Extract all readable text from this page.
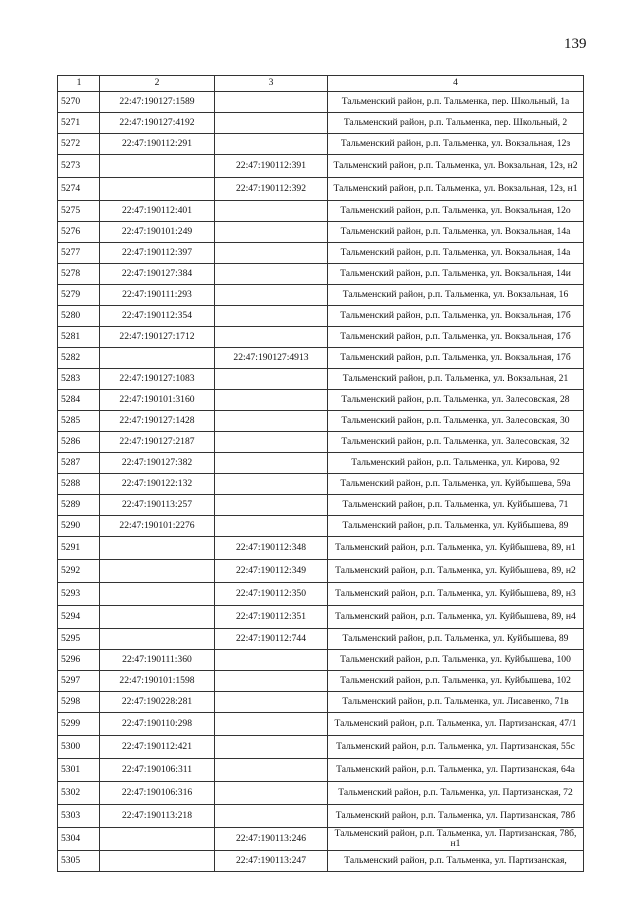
139
1	2	3	4
5270	22:47:190127:1589		Тальменский район, р.п. Тальменка, пер. Школьный, 1а
5271	22:47:190127:4192		Тальменский район, р.п. Тальменка, пер. Школьный, 2
5272	22:47:190112:291		Тальменский район, р.п. Тальменка, ул. Вокзальная, 12з
5273		22:47:190112:391	Тальменский район, р.п. Тальменка, ул. Вокзальная, 12з, н2
5274		22:47:190112:392	Тальменский район, р.п. Тальменка, ул. Вокзальная, 12з, н1
5275	22:47:190112:401		Тальменский район, р.п. Тальменка, ул. Вокзальная, 12о
5276	22:47:190101:249		Тальменский район, р.п. Тальменка, ул. Вокзальная, 14а
5277	22:47:190112:397		Тальменский район, р.п. Тальменка, ул. Вокзальная, 14а
5278	22:47:190127:384		Тальменский район, р.п. Тальменка, ул. Вокзальная, 14и
5279	22:47:190111:293		Тальменский район, р.п. Тальменка, ул. Вокзальная, 16
5280	22:47:190112:354		Тальменский район, р.п. Тальменка, ул. Вокзальная, 17б
5281	22:47:190127:1712		Тальменский район, р.п. Тальменка, ул. Вокзальная, 17б
5282		22:47:190127:4913	Тальменский район, р.п. Тальменка, ул. Вокзальная, 17б
5283	22:47:190127:1083		Тальменский район, р.п. Тальменка, ул. Вокзальная, 21
5284	22:47:190101:3160		Тальменский район, р.п. Тальменка, ул. Залесовская, 28
5285	22:47:190127:1428		Тальменский район, р.п. Тальменка, ул. Залесовская, 30
5286	22:47:190127:2187		Тальменский район, р.п. Тальменка, ул. Залесовская, 32
5287	22:47:190127:382		Тальменский район, р.п. Тальменка, ул. Кирова, 92
5288	22:47:190122:132		Тальменский район, р.п. Тальменка, ул. Куйбышева, 59а
5289	22:47:190113:257		Тальменский район, р.п. Тальменка, ул. Куйбышева, 71
5290	22:47:190101:2276		Тальменский район, р.п. Тальменка, ул. Куйбышева, 89
5291		22:47:190112:348	Тальменский район, р.п. Тальменка, ул. Куйбышева, 89, н1
5292		22:47:190112:349	Тальменский район, р.п. Тальменка, ул. Куйбышева, 89, н2
5293		22:47:190112:350	Тальменский район, р.п. Тальменка, ул. Куйбышева, 89, н3
5294		22:47:190112:351	Тальменский район, р.п. Тальменка, ул. Куйбышева, 89, н4
5295		22:47:190112:744	Тальменский район, р.п. Тальменка, ул. Куйбышева, 89
5296	22:47:190111:360		Тальменский район, р.п. Тальменка, ул. Куйбышева, 100
5297	22:47:190101:1598		Тальменский район, р.п. Тальменка, ул. Куйбышева, 102
5298	22:47:190228:281		Тальменский район, р.п. Тальменка, ул. Лисавенко, 71в
5299	22:47:190110:298		Тальменский район, р.п. Тальменка, ул. Партизанская, 47/1
5300	22:47:190112:421		Тальменский район, р.п. Тальменка, ул. Партизанская, 55с
5301	22:47:190106:311		Тальменский район, р.п. Тальменка, ул. Партизанская, 64а
5302	22:47:190106:316		Тальменский район, р.п. Тальменка, ул. Партизанская, 72
5303	22:47:190113:218		Тальменский район, р.п. Тальменка, ул. Партизанская, 78б
5304		22:47:190113:246	Тальменский район, р.п. Тальменка, ул. Партизанская, 78б, н1
5305		22:47:190113:247	Тальменский район, р.п. Тальменка, ул. Партизанская,
